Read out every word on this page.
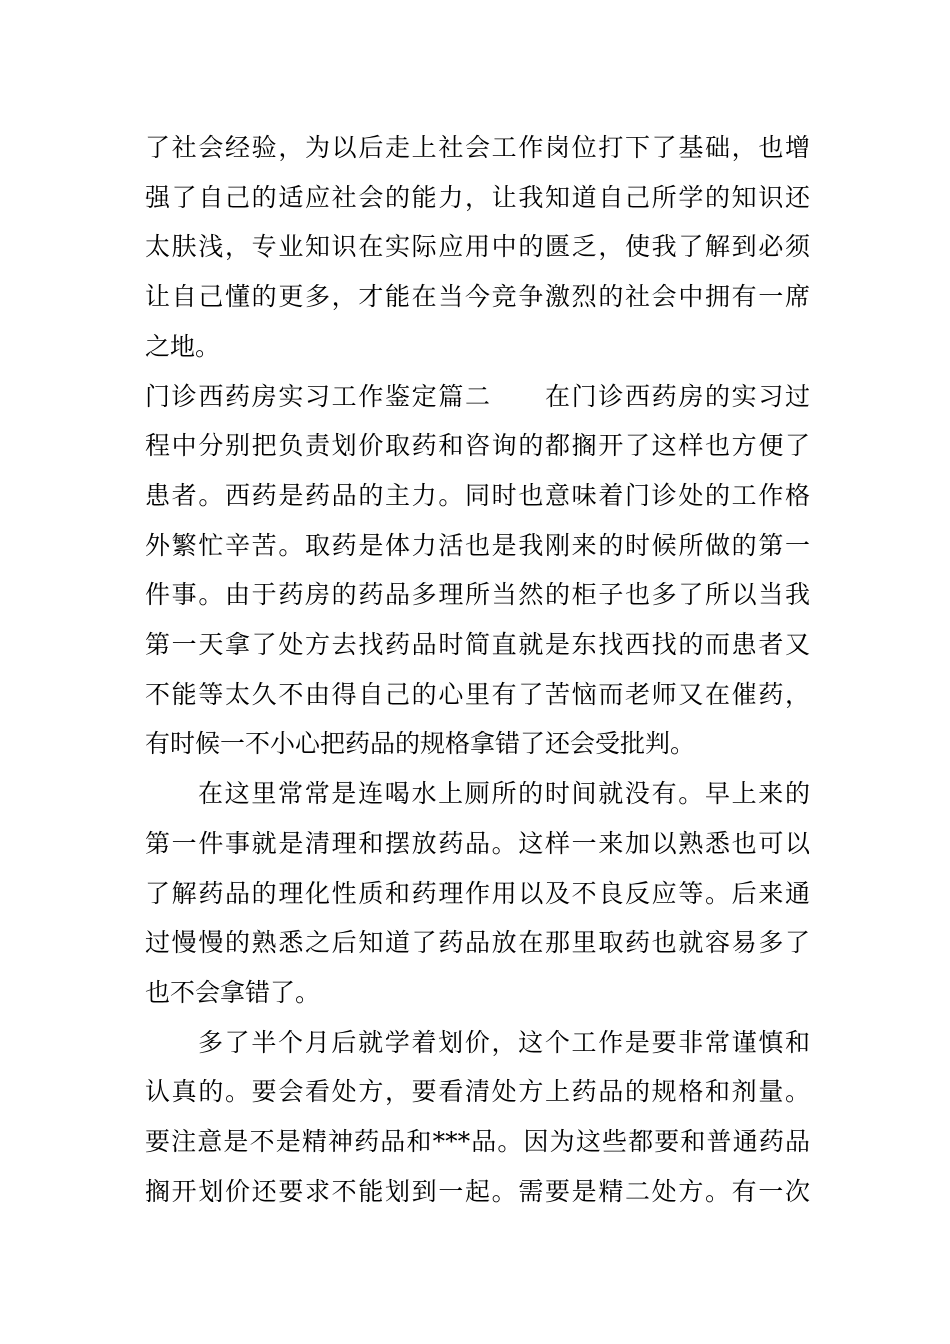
了社会经验，为以后走上社会工作岗位打下了基础，也增
强了自己的适应社会的能力，让我知道自己所学的知识还
太肤浅，专业知识在实际应用中的匮乏，使我了解到必须
让自己懂的更多，才能在当今竞争激烈的社会中拥有一席
之地。
门诊西药房实习工作鉴定篇二　　在门诊西药房的实习过
程中分别把负责划价取药和咨询的都搁开了这样也方便了
患者。西药是药品的主力。同时也意味着门诊处的工作格
外繁忙辛苦。取药是体力活也是我刚来的时候所做的第一
件事。由于药房的药品多理所当然的柜子也多了所以当我
第一天拿了处方去找药品时简直就是东找西找的而患者又
不能等太久不由得自己的心里有了苦恼而老师又在催药，
有时候一不小心把药品的规格拿错了还会受批判。
在这里常常是连喝水上厕所的时间就没有。早上来的
第一件事就是清理和摆放药品。这样一来加以熟悉也可以
了解药品的理化性质和药理作用以及不良反应等。后来通
过慢慢的熟悉之后知道了药品放在那里取药也就容易多了
也不会拿错了。
多了半个月后就学着划价，这个工作是要非常谨慎和
认真的。要会看处方，要看清处方上药品的规格和剂量。
要注意是不是精神药品和***品。因为这些都要和普通药品
搁开划价还要求不能划到一起。需要是精二处方。有一次
